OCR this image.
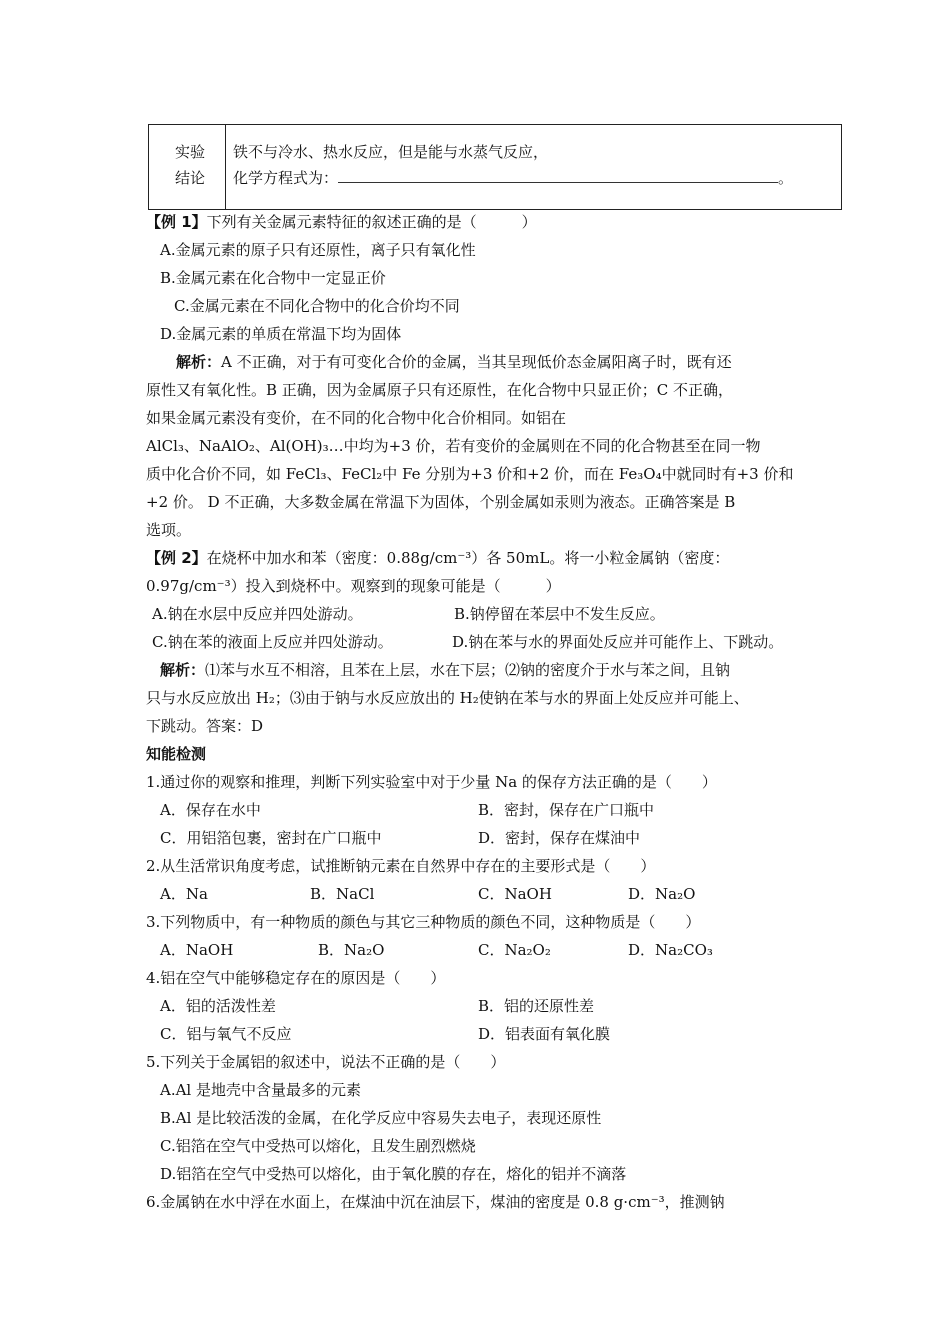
实验
结论
铁不与冷水、热水反应，但是能与水蒸气反应，
化学方程式为：	。
【例 1】下列有关金属元素特征的叙述正确的是（　　　）
A.金属元素的原子只有还原性，离子只有氧化性
B.金属元素在化合物中一定显正价
C.金属元素在不同化合物中的化合价均不同
D.金属元素的单质在常温下均为固体
解析：A 不正确，对于有可变化合价的金属，当其呈现低价态金属阳离子时，既有还
原性又有氧化性。B 正确，因为金属原子只有还原性，在化合物中只显正价；C 不正确，
如果金属元素没有变价，在不同的化合物中化合价相同。如铝在
AlCl₃、NaAlO₂、Al(OH)₃…中均为+3 价，若有变价的金属则在不同的化合物甚至在同一物
质中化合价不同，如 FeCl₃、FeCl₂中 Fe 分别为+3 价和+2 价，而在 Fe₃O₄中就同时有+3 价和
+2 价。 D 不正确，大多数金属在常温下为固体，个别金属如汞则为液态。正确答案是 B
选项。
【例 2】在烧杯中加水和苯（密度：0.88g/cm⁻³）各 50mL。将一小粒金属钠（密度：
0.97g/cm⁻³）投入到烧杯中。观察到的现象可能是（　　　）
A.钠在水层中反应并四处游动。	B.钠停留在苯层中不发生反应。
C.钠在苯的液面上反应并四处游动。	D.钠在苯与水的界面处反应并可能作上、下跳动。
解析：⑴苯与水互不相溶，且苯在上层，水在下层；⑵钠的密度介于水与苯之间，且钠
只与水反应放出 H₂；⑶由于钠与水反应放出的 H₂使钠在苯与水的界面上处反应并可能上、
下跳动。答案：D
知能检测
1.通过你的观察和推理，判断下列实验室中对于少量 Na 的保存方法正确的是（　　）
A．保存在水中	B．密封，保存在广口瓶中
C．用铝箔包裹，密封在广口瓶中	D．密封，保存在煤油中
2.从生活常识角度考虑，试推断钠元素在自然界中存在的主要形式是（　　）
A．Na	B．NaCl	C．NaOH	D．Na₂O
3.下列物质中，有一种物质的颜色与其它三种物质的颜色不同，这种物质是（　　）
A．NaOH	B．Na₂O	C．Na₂O₂	D．Na₂CO₃
4.铝在空气中能够稳定存在的原因是（　　）
A．铝的活泼性差	B．铝的还原性差
C．铝与氧气不反应	D．铝表面有氧化膜
5.下列关于金属铝的叙述中，说法不正确的是（　　）
A.Al 是地壳中含量最多的元素
B.Al 是比较活泼的金属，在化学反应中容易失去电子，表现还原性
C.铝箔在空气中受热可以熔化，且发生剧烈燃烧
D.铝箔在空气中受热可以熔化，由于氧化膜的存在，熔化的铝并不滴落
6.金属钠在水中浮在水面上，在煤油中沉在油层下，煤油的密度是 0.8 g·cm⁻³，推测钠
